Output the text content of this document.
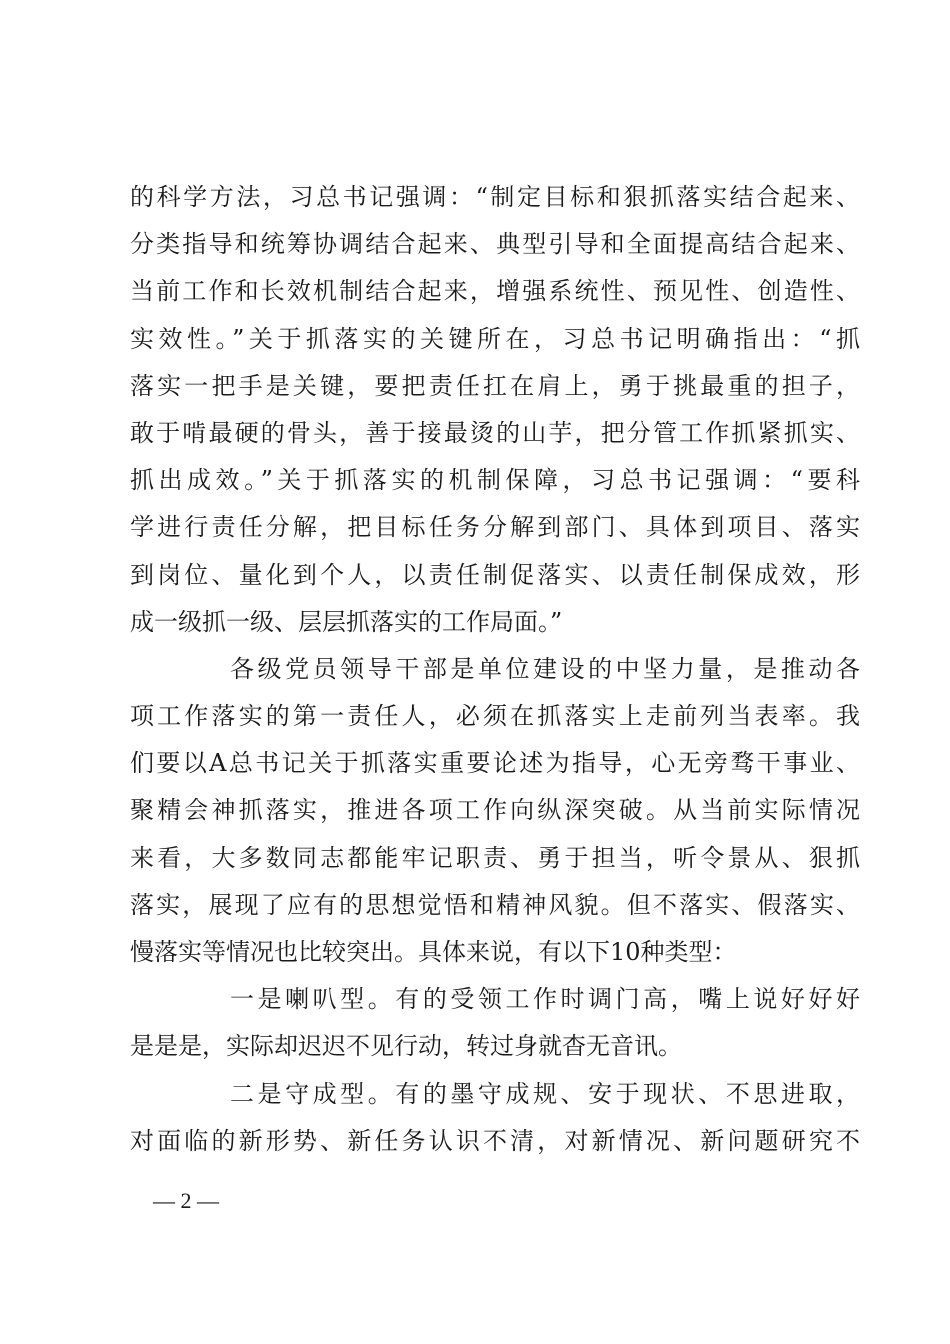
的科学方法，习总书记强调：“制定目标和狠抓落实结合起来、
分类指导和统筹协调结合起来、典型引导和全面提高结合起来、
当前工作和长效机制结合起来，增强系统性、预见性、创造性、
实效性。”关于抓落实的关键所在，习总书记明确指出：“抓
落实一把手是关键，要把责任扛在肩上，勇于挑最重的担子，
敢于啃最硬的骨头，善于接最烫的山芋，把分管工作抓紧抓实、
抓出成效。”关于抓落实的机制保障，习总书记强调：“要科
学进行责任分解，把目标任务分解到部门、具体到项目、落实
到岗位、量化到个人，以责任制促落实、以责任制保成效，形
成一级抓一级、层层抓落实的工作局面。”
各级党员领导干部是单位建设的中坚力量，是推动各
项工作落实的第一责任人，必须在抓落实上走前列当表率。我
们要以A总书记关于抓落实重要论述为指导，心无旁骛干事业、
聚精会神抓落实，推进各项工作向纵深突破。从当前实际情况
来看，大多数同志都能牢记职责、勇于担当，听令景从、狠抓
落实，展现了应有的思想觉悟和精神风貌。但不落实、假落实、
慢落实等情况也比较突出。具体来说，有以下10种类型：
一是喇叭型。有的受领工作时调门高，嘴上说好好好
是是是，实际却迟迟不见行动，转过身就杳无音讯。
二是守成型。有的墨守成规、安于现状、不思进取，
对面临的新形势、新任务认识不清，对新情况、新问题研究不
— 2 —
